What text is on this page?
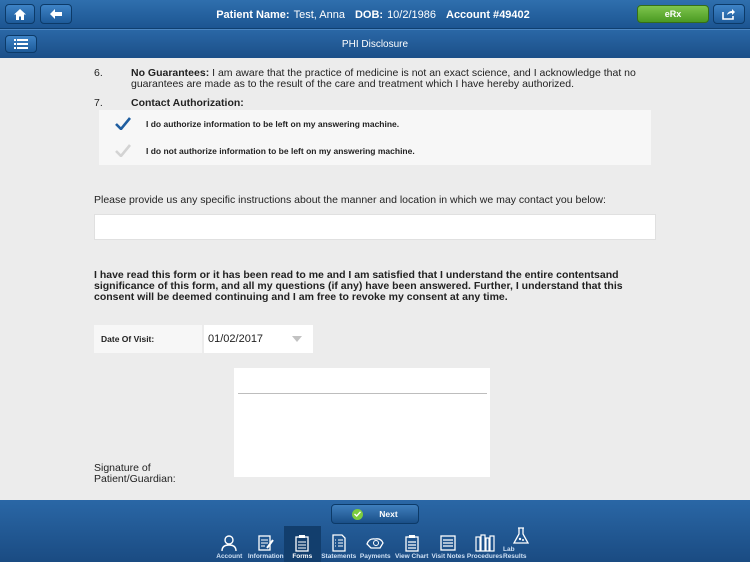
Patient Name: Test, Anna DOB: 10/2/1986 Account # 49402	eRx
PHI Disclosure
6.	No Guarantees: I am aware that the practice of medicine is not an exact science, and I acknowledge that no guarantees are made as to the result of the care and treatment which I have hereby authorized.
7.	Contact Authorization:
I do authorize information to be left on my answering machine.
I do not authorize information to be left on my answering machine.
Please provide us any specific instructions about the manner and location in which we may contact you below:
I have read this form or it has been read to me and I am satisfied that I understand the entire contentsand significance of this form, and all my questions (if any) have been answered. Further, I understand that this consent will be deemed continuing and I am free to revoke my consent at any time.
Date Of Visit:	01/02/2017
Signature of Patient/Guardian:
Next
Account Information Forms Statements Payments View Chart Visit Notes Procedures
Lab Results
